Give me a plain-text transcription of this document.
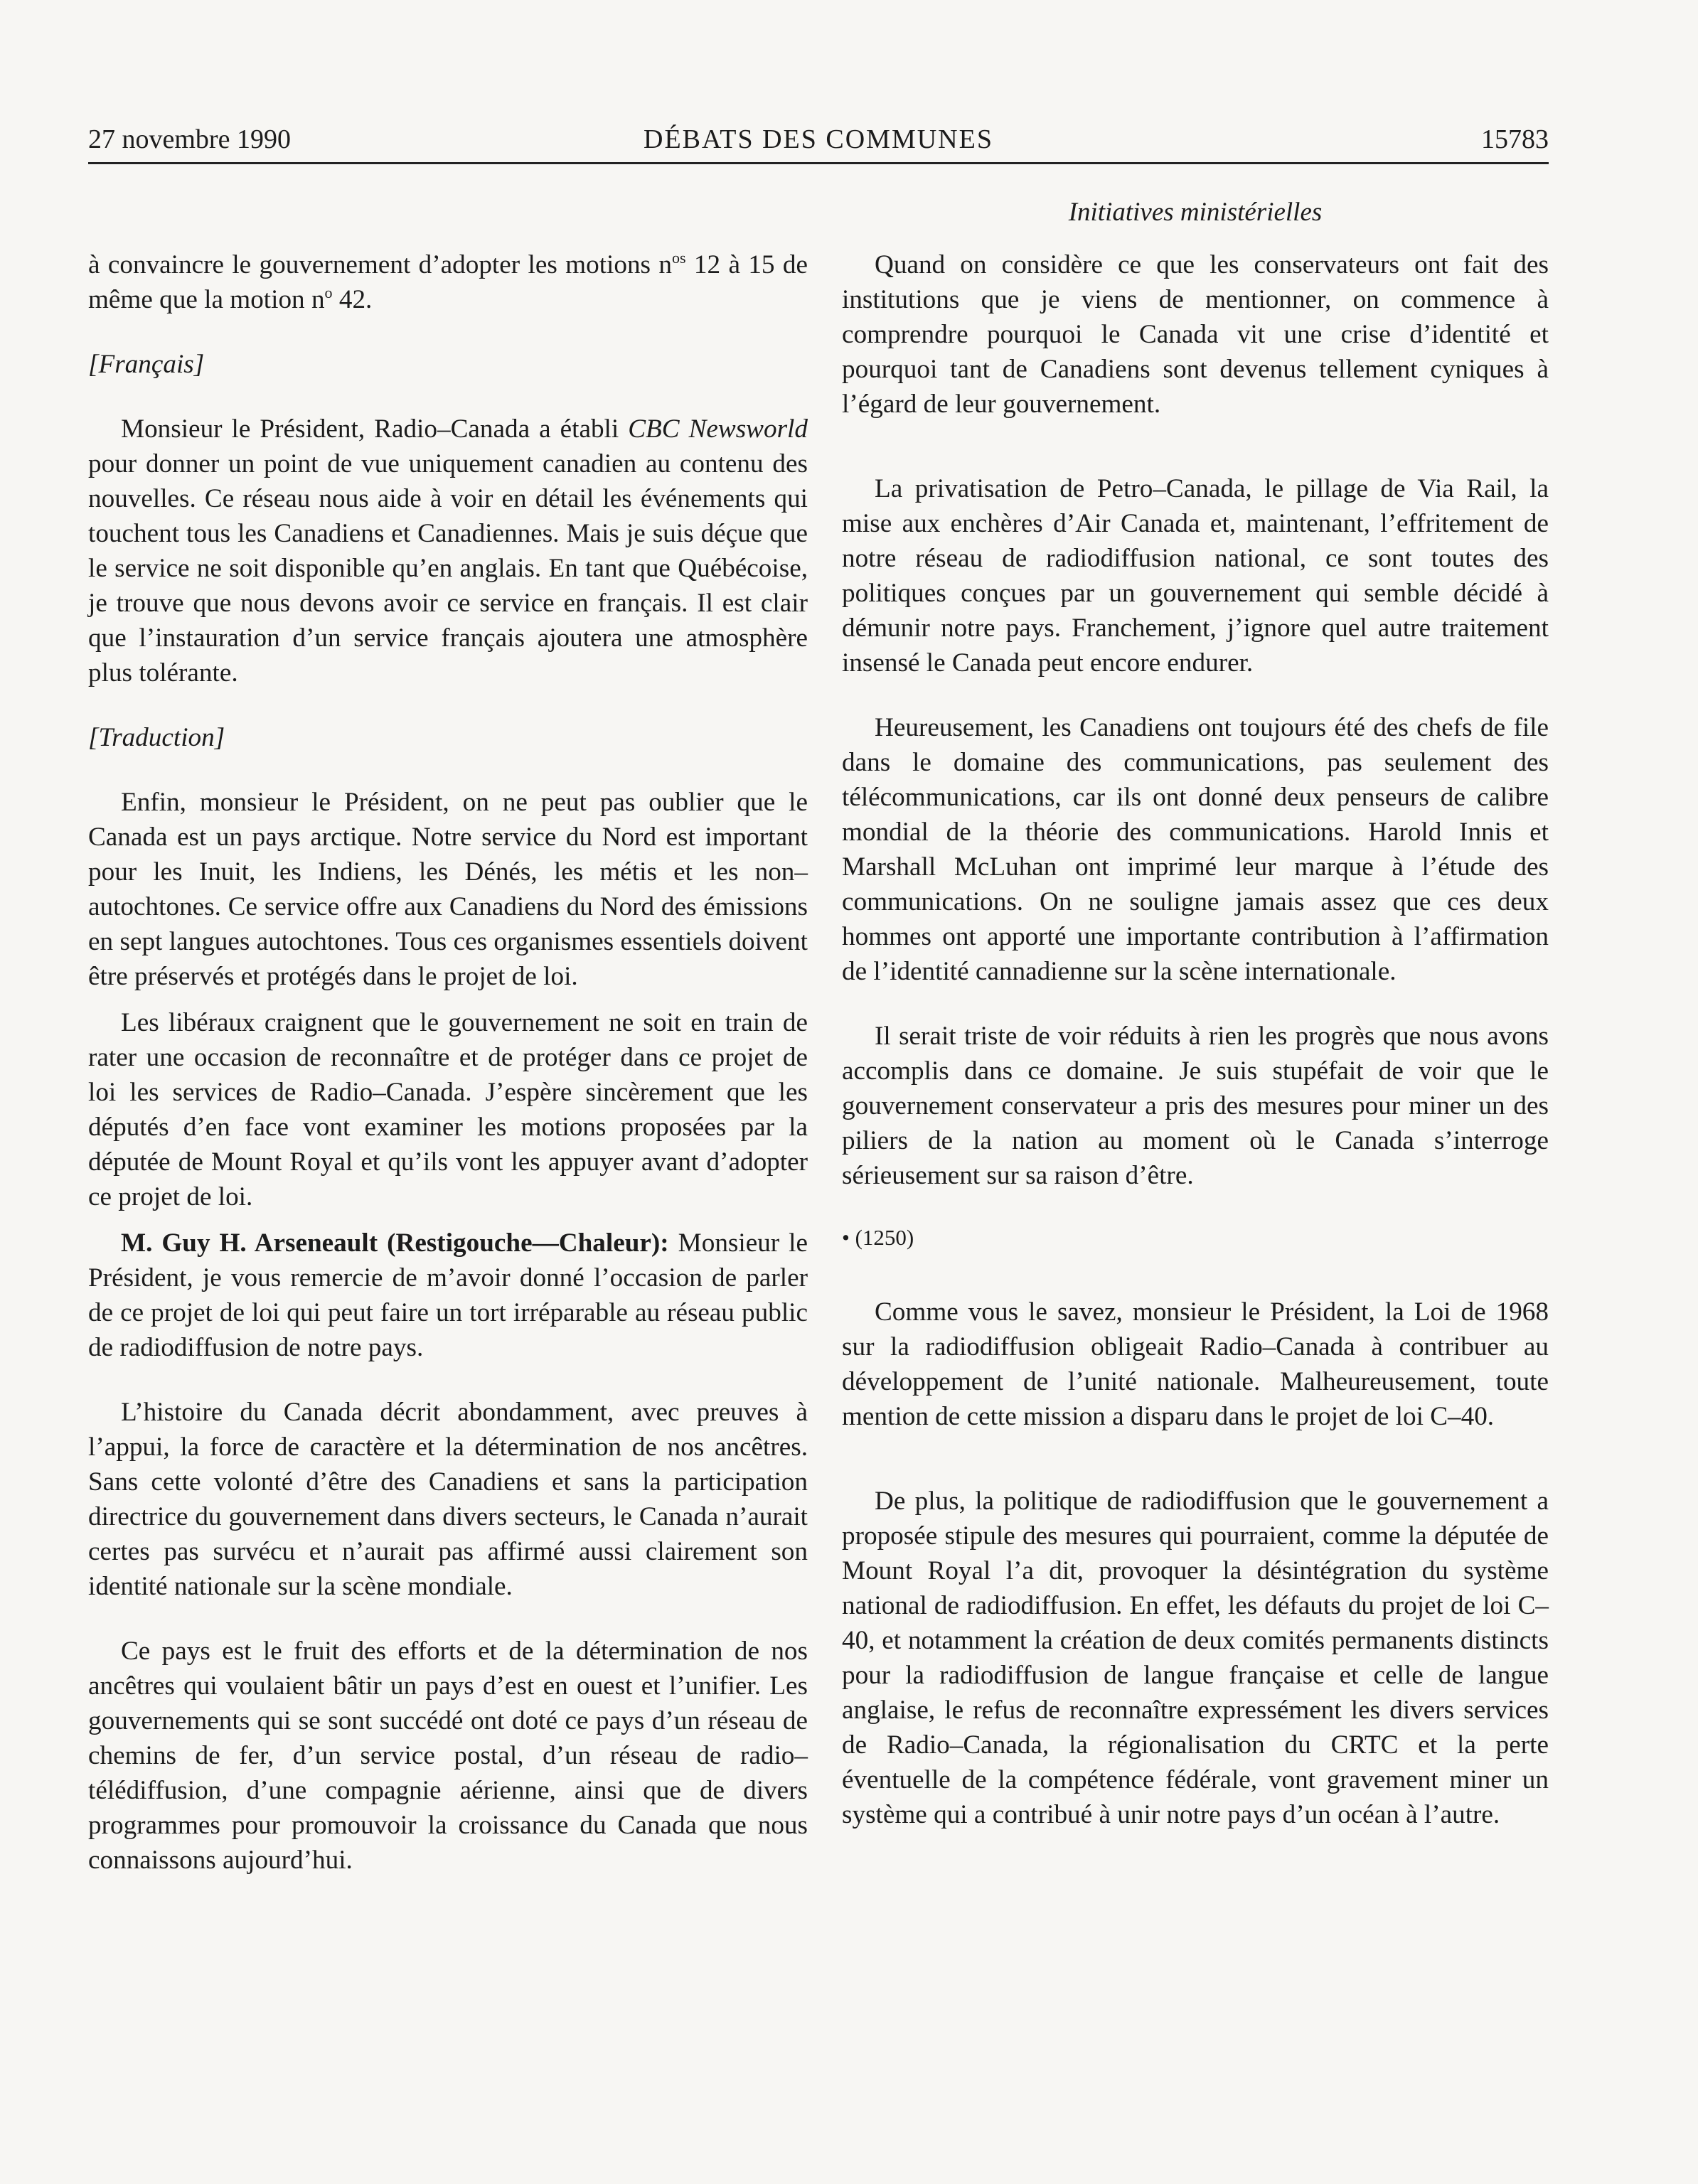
27 novembre 1990	DÉBATS DES COMMUNES	15783
Initiatives ministérielles

à convaincre le gouvernement d’adopter les motions $n^{os}$ 12 à 15 de même que la motion $n^o$ 42.

[Français]

Monsieur le Président, Radio–Canada a établi CBC Newsworld pour donner un point de vue uniquement canadien au contenu des nouvelles. Ce réseau nous aide à voir en détail les événements qui touchent tous les Canadiens et Canadiennes. Mais je suis déçue que le service ne soit disponible qu’en anglais. En tant que Québécoise, je trouve que nous devons avoir ce service en français. Il est clair que l’instauration d’un service français ajoutera une atmosphère plus tolérante.

[Traduction]

Enfin, monsieur le Président, on ne peut pas oublier que le Canada est un pays arctique. Notre service du Nord est important pour les Inuit, les Indiens, les Dénés, les métis et les non–autochtones. Ce service offre aux Canadiens du Nord des émissions en sept langues autochtones. Tous ces organismes essentiels doivent être préservés et protégés dans le projet de loi.

Les libéraux craignent que le gouvernement ne soit en train de rater une occasion de reconnaître et de protéger dans ce projet de loi les services de Radio–Canada. J’espère sincèrement que les députés d’en face vont examiner les motions proposées par la députée de Mount Royal et qu’ils vont les appuyer avant d’adopter ce projet de loi.

M. Guy H. Arseneault (Restigouche—Chaleur): Monsieur le Président, je vous remercie de m’avoir donné l’occasion de parler de ce projet de loi qui peut faire un tort irréparable au réseau public de radiodiffusion de notre pays.

L’histoire du Canada décrit abondamment, avec preuves à l’appui, la force de caractère et la détermination de nos ancêtres. Sans cette volonté d’être des Canadiens et sans la participation directrice du gouvernement dans divers secteurs, le Canada n’aurait certes pas survécu et n’aurait pas affirmé aussi clairement son identité nationale sur la scène mondiale.

Ce pays est le fruit des efforts et de la détermination de nos ancêtres qui voulaient bâtir un pays d’est en ouest et l’unifier. Les gouvernements qui se sont succédé ont doté ce pays d’un réseau de chemins de fer, d’un service postal, d’un réseau de radio–télédiffusion, d’une compagnie aérienne, ainsi que de divers programmes pour promouvoir la croissance du Canada que nous connaissons aujourd’hui.

Quand on considère ce que les conservateurs ont fait des institutions que je viens de mentionner, on commence à comprendre pourquoi le Canada vit une crise d’identité et pourquoi tant de Canadiens sont devenus tellement cyniques à l’égard de leur gouvernement.

La privatisation de Petro–Canada, le pillage de Via Rail, la mise aux enchères d’Air Canada et, maintenant, l’effritement de notre réseau de radiodiffusion national, ce sont toutes des politiques conçues par un gouvernement qui semble décidé à démunir notre pays. Franchement, j’ignore quel autre traitement insensé le Canada peut encore endurer.

Heureusement, les Canadiens ont toujours été des chefs de file dans le domaine des communications, pas seulement des télécommunications, car ils ont donné deux penseurs de calibre mondial de la théorie des communications. Harold Innis et Marshall McLuhan ont imprimé leur marque à l’étude des communications. On ne souligne jamais assez que ces deux hommes ont apporté une importante contribution à l’affirmation de l’identité cannadienne sur la scène internationale.

Il serait triste de voir réduits à rien les progrès que nous avons accomplis dans ce domaine. Je suis stupéfait de voir que le gouvernement conservateur a pris des mesures pour miner un des piliers de la nation au moment où le Canada s’interroge sérieusement sur sa raison d’être.

• (1250)

Comme vous le savez, monsieur le Président, la Loi de 1968 sur la radiodiffusion obligeait Radio–Canada à contribuer au développement de l’unité nationale. Malheureusement, toute mention de cette mission a disparu dans le projet de loi C–40.

De plus, la politique de radiodiffusion que le gouvernement a proposée stipule des mesures qui pourraient, comme la députée de Mount Royal l’a dit, provoquer la désintégration du système national de radiodiffusion. En effet, les défauts du projet de loi C–40, et notamment la création de deux comités permanents distincts pour la radiodiffusion de langue française et celle de langue anglaise, le refus de reconnaître expressément les divers services de Radio–Canada, la régionalisation du CRTC et la perte éventuelle de la compétence fédérale, vont gravement miner un système qui a contribué à unir notre pays d’un océan à l’autre.
